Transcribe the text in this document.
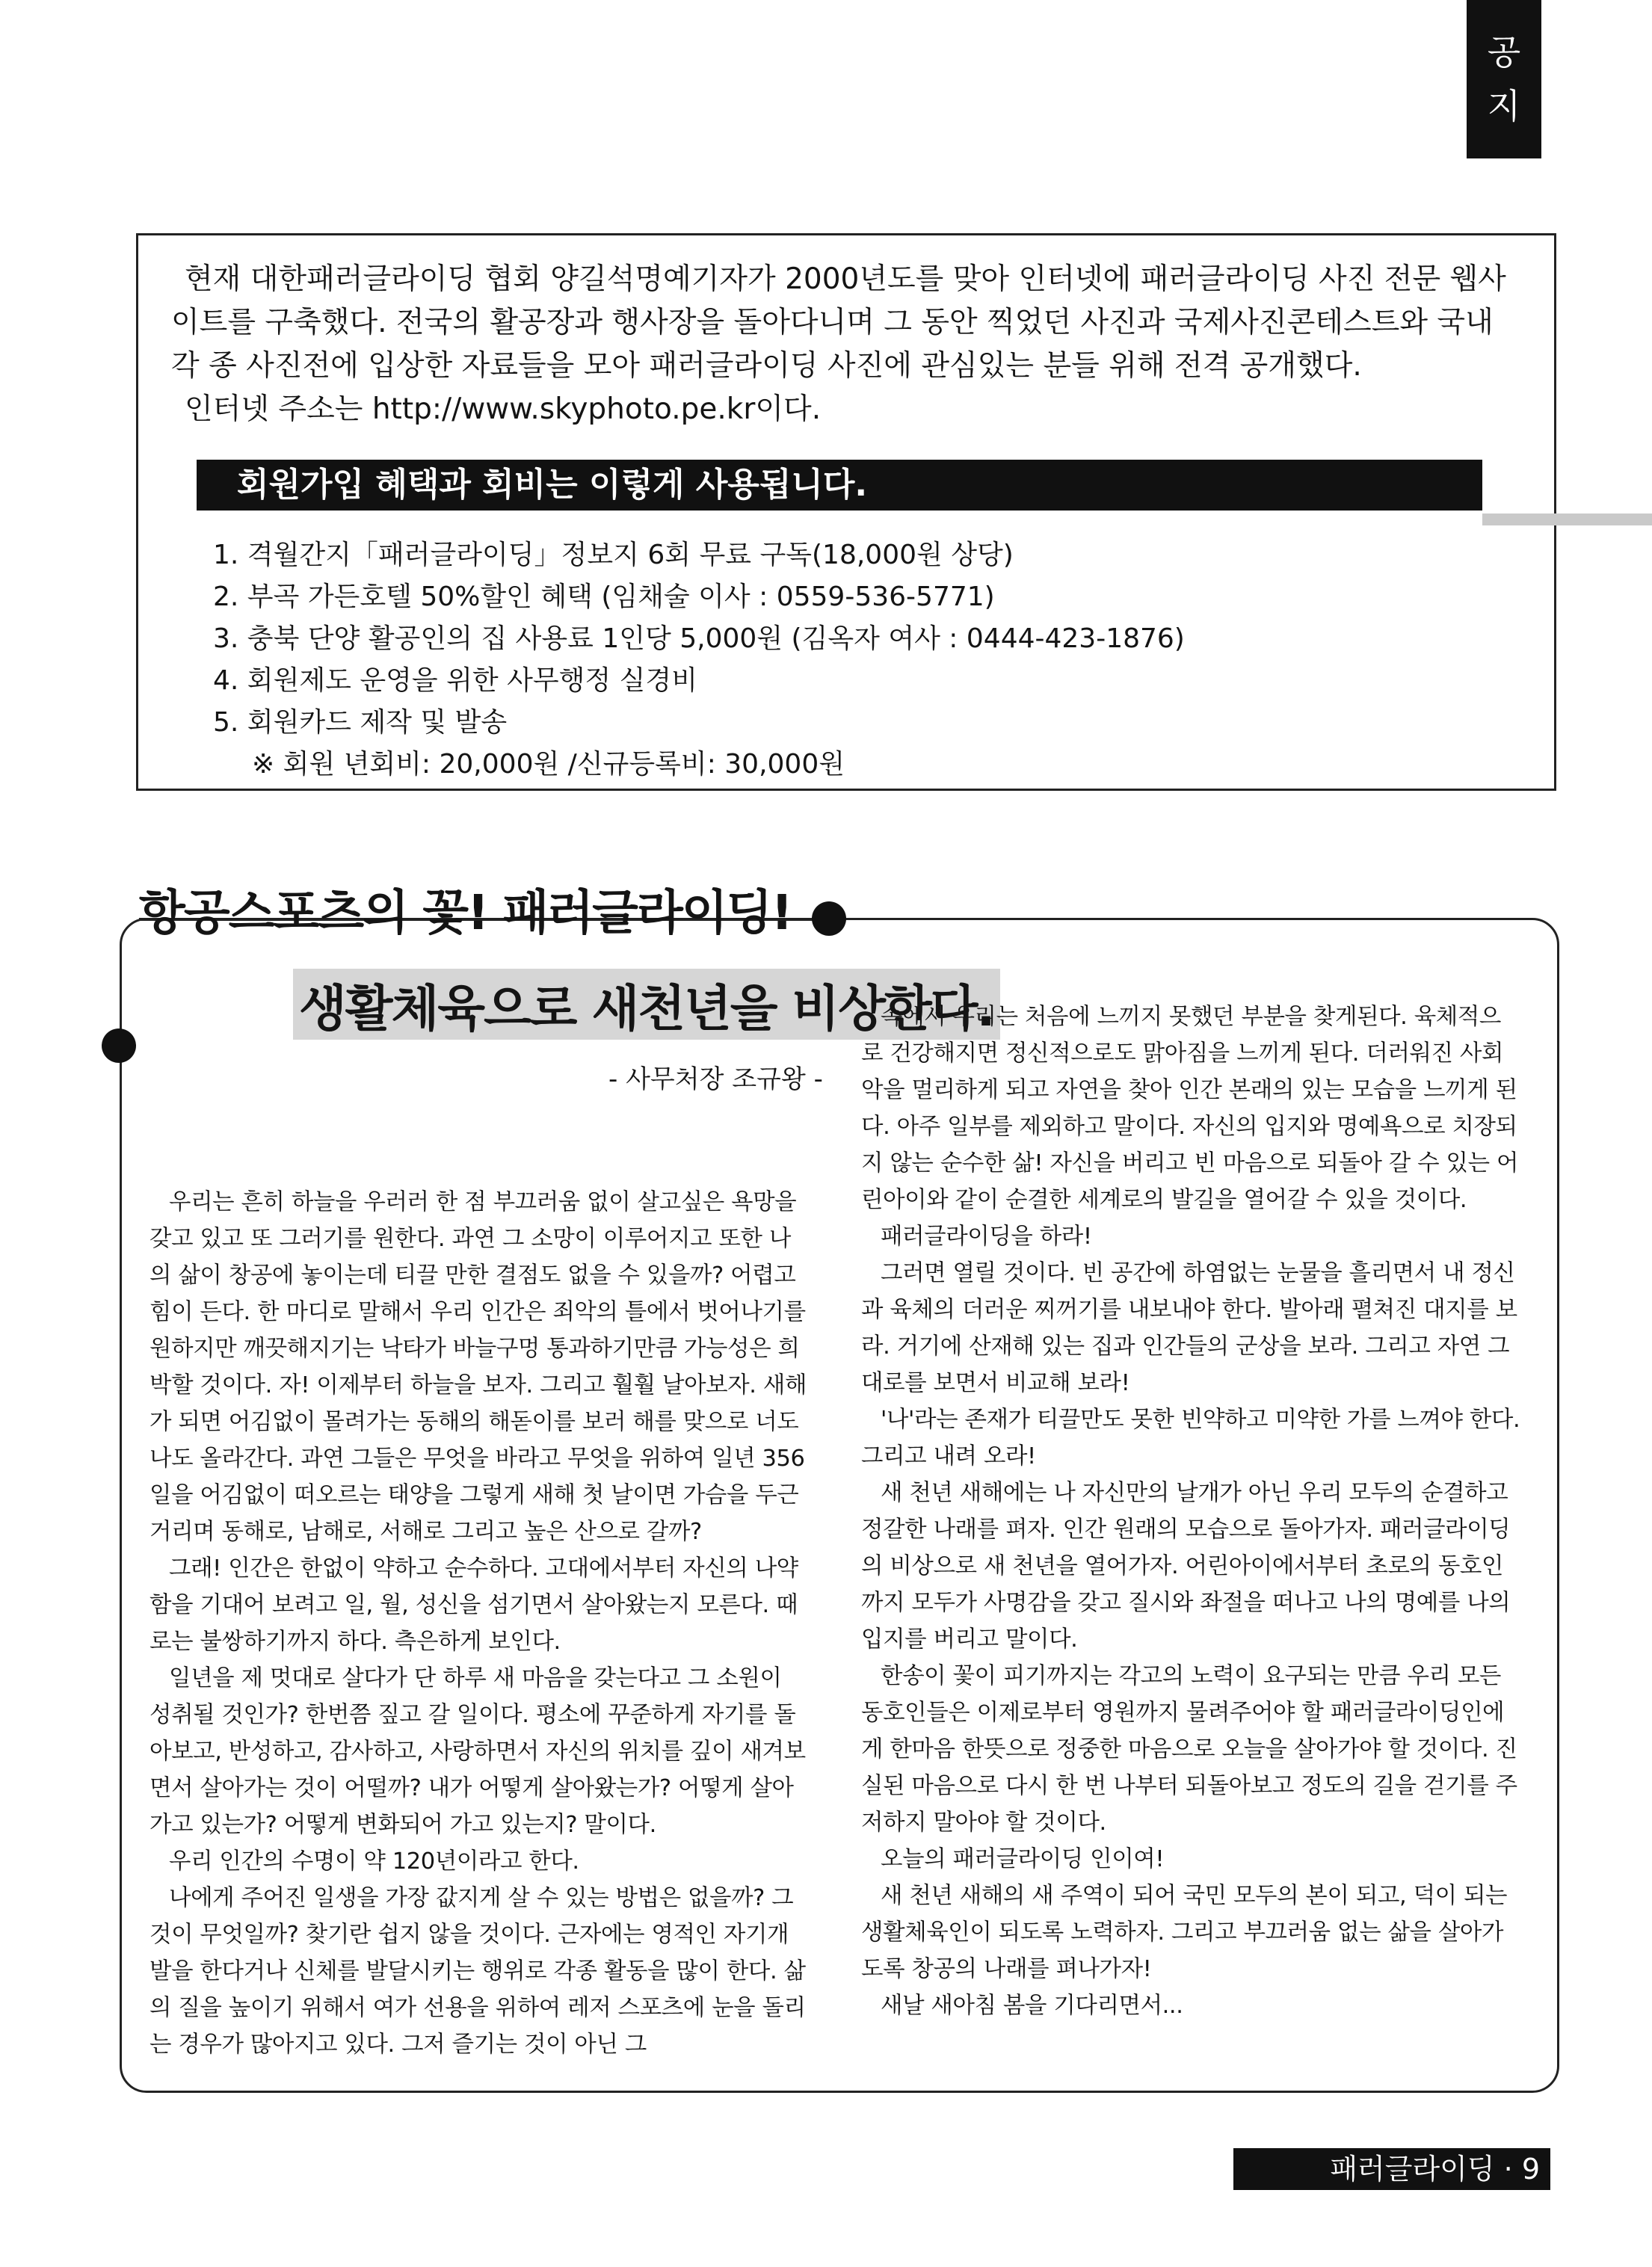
공
지

현재 대한패러글라이딩 협회 양길석명예기자가 2000년도를 맞아 인터넷에 패러글라이딩 사진 전문 웹사이트를 구축했다. 전국의 활공장과 행사장을 돌아다니며 그 동안 찍었던 사진과 국제사진콘테스트와 국내 각 종 사진전에 입상한 자료들을 모아 패러글라이딩 사진에 관심있는 분들 위해 전격 공개했다.

인터넷 주소는 http://www.skyphoto.pe.kr이다.

회원가입 혜택과 회비는 이렇게 사용됩니다.
1. 격월간지「패러글라이딩」정보지 6회 무료 구독(18,000원 상당)
2. 부곡 가든호텔 50%할인 혜택 (임채술 이사 : 0559-536-5771)
3. 충북 단양 활공인의 집 사용료 1인당 5,000원 (김옥자 여사 : 0444-423-1876)
4. 회원제도 운영을 위한 사무행정 실경비
5. 회원카드 제작 및 발송
※ 회원 년회비: 20,000원 /신규등록비: 30,000원
항공스포츠의 꽃! 패러글라이딩!
생활체육으로 새천년을 비상한다.
- 사무처장 조규왕 -

우리는 흔히 하늘을 우러러 한 점 부끄러움 없이 살고싶은 욕망을 갖고 있고 또 그러기를 원한다. 과연 그 소망이 이루어지고 또한 나의 삶이 창공에 놓이는데 티끌 만한 결점도 없을 수 있을까? 어렵고 힘이 든다. 한 마디로 말해서 우리 인간은 죄악의 틀에서 벗어나기를 원하지만 깨끗해지기는 낙타가 바늘구멍 통과하기만큼 가능성은 희박할 것이다. 자! 이제부터 하늘을 보자. 그리고 훨훨 날아보자. 새해가 되면 어김없이 몰려가는 동해의 해돋이를 보러 해를 맞으로 너도나도 올라간다. 과연 그들은 무엇을 바라고 무엇을 위하여 일년 356일을 어김없이 떠오르는 태양을 그렇게 새해 첫 날이면 가슴을 두근거리며 동해로, 남해로, 서해로 그리고 높은 산으로 갈까?

그래! 인간은 한없이 약하고 순수하다. 고대에서부터 자신의 나약함을 기대어 보려고 일, 월, 성신을 섬기면서 살아왔는지 모른다. 때로는 불쌍하기까지 하다. 측은하게 보인다.

일년을 제 멋대로 살다가 단 하루 새 마음을 갖는다고 그 소원이 성취될 것인가? 한번쯤 짚고 갈 일이다. 평소에 꾸준하게 자기를 돌아보고, 반성하고, 감사하고, 사랑하면서 자신의 위치를 깊이 새겨보면서 살아가는 것이 어떨까? 내가 어떻게 살아왔는가? 어떻게 살아가고 있는가? 어떻게 변화되어 가고 있는지? 말이다.

우리 인간의 수명이 약 120년이라고 한다.

나에게 주어진 일생을 가장 값지게 살 수 있는 방법은 없을까? 그것이 무엇일까? 찾기란 쉽지 않을 것이다. 근자에는 영적인 자기개발을 한다거나 신체를 발달시키는 행위로 각종 활동을 많이 한다. 삶의 질을 높이기 위해서 여가 선용을 위하여 레저 스포츠에 눈을 돌리는 경우가 많아지고 있다. 그저 즐기는 것이 아닌 그

속에서 우리는 처음에 느끼지 못했던 부분을 찾게된다. 육체적으로 건강해지면 정신적으로도 맑아짐을 느끼게 된다. 더러워진 사회악을 멀리하게 되고 자연을 찾아 인간 본래의 있는 모습을 느끼게 된다. 아주 일부를 제외하고 말이다. 자신의 입지와 명예욕으로 치장되지 않는 순수한 삶! 자신을 버리고 빈 마음으로 되돌아 갈 수 있는 어린아이와 같이 순결한 세계로의 발길을 열어갈 수 있을 것이다.

패러글라이딩을 하라!

그러면 열릴 것이다. 빈 공간에 하염없는 눈물을 흘리면서 내 정신과 육체의 더러운 찌꺼기를 내보내야 한다. 발아래 펼쳐진 대지를 보라. 거기에 산재해 있는 집과 인간들의 군상을 보라. 그리고 자연 그대로를 보면서 비교해 보라!

'나'라는 존재가 티끌만도 못한 빈약하고 미약한 가를 느껴야 한다. 그리고 내려 오라!

새 천년 새해에는 나 자신만의 날개가 아닌 우리 모두의 순결하고 정갈한 나래를 펴자. 인간 원래의 모습으로 돌아가자. 패러글라이딩의 비상으로 새 천년을 열어가자. 어린아이에서부터 초로의 동호인까지 모두가 사명감을 갖고 질시와 좌절을 떠나고 나의 명예를 나의 입지를 버리고 말이다.

한송이 꽃이 피기까지는 각고의 노력이 요구되는 만큼 우리 모든 동호인들은 이제로부터 영원까지 물려주어야 할 패러글라이딩인에게 한마음 한뜻으로 정중한 마음으로 오늘을 살아가야 할 것이다. 진실된 마음으로 다시 한 번 나부터 되돌아보고 정도의 길을 걷기를 주저하지 말아야 할 것이다.

오늘의 패러글라이딩 인이여!

새 천년 새해의 새 주역이 되어 국민 모두의 본이 되고, 덕이 되는 생활체육인이 되도록 노력하자. 그리고 부끄러움 없는 삶을 살아가도록 창공의 나래를 펴나가자!

새날 새아침 봄을 기다리면서...

패러글라이딩 · 9
